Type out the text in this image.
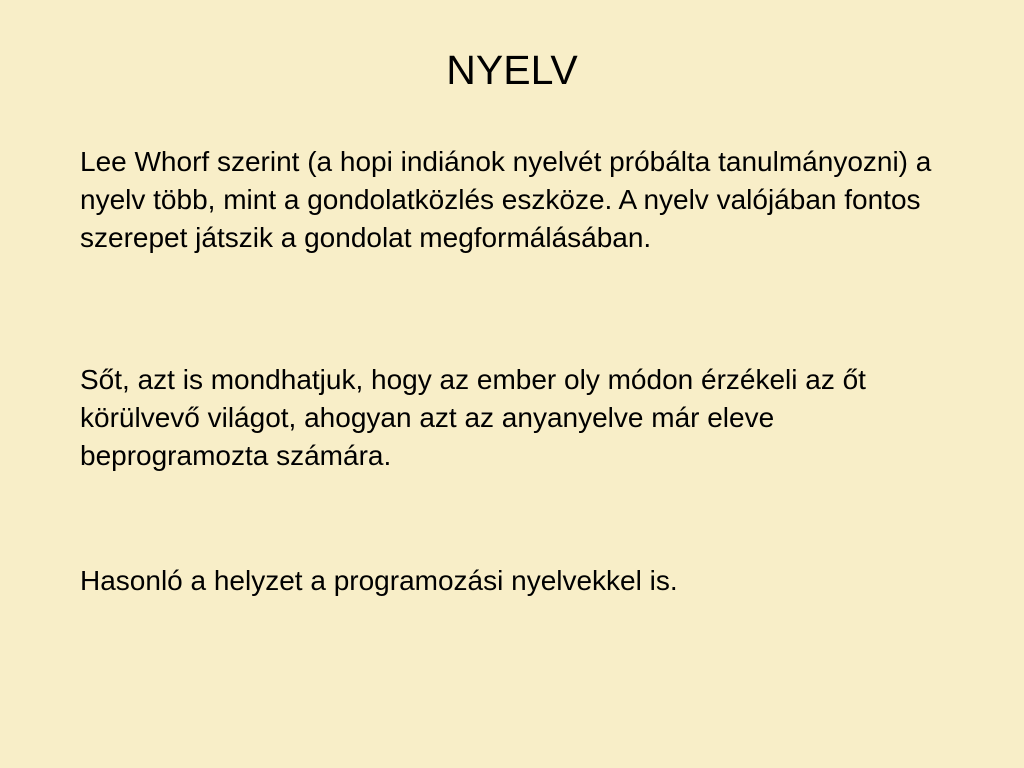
NYELV

Lee Whorf szerint (a hopi indiánok nyelvét próbálta tanulmányozni) a nyelv több, mint a gondolatközlés eszköze. A nyelv valójában fontos szerepet játszik a gondolat megformálásában.

Sőt, azt is mondhatjuk, hogy az ember oly módon érzékeli az őt körülvevő világot, ahogyan azt az anyanyelve már eleve beprogramozta számára.

Hasonló a helyzet a programozási nyelvekkel is.
